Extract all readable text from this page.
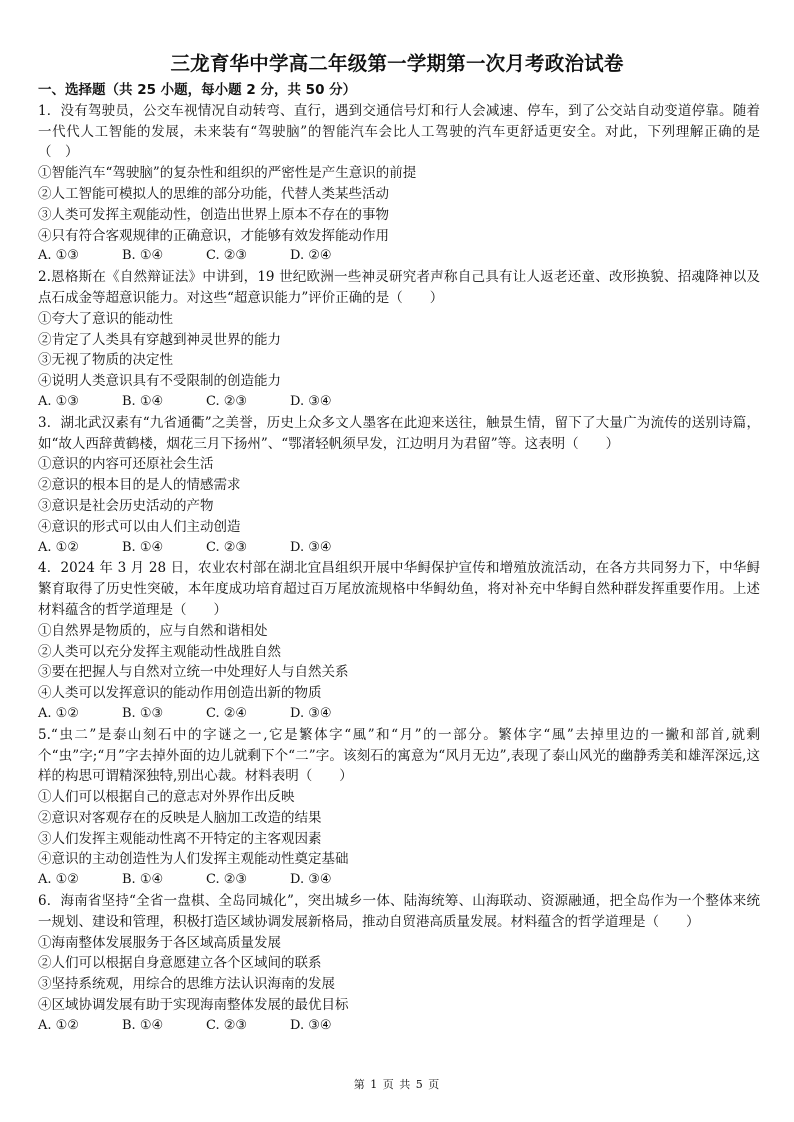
三龙育华中学高二年级第一学期第一次月考政治试卷
一、选择题（共 25 小题，每小题 2 分，共 50 分）
1．没有驾驶员，公交车视情况自动转弯、直行，遇到交通信号灯和行人会减速、停车，到了公交站自动变道停靠。随着一代代人工智能的发展，未来装有“驾驶脑”的智能汽车会比人工驾驶的汽车更舒适更安全。对此，下列理解正确的是（　）
①智能汽车“驾驶脑”的复杂性和组织的严密性是产生意识的前提
②人工智能可模拟人的思维的部分功能，代替人类某些活动
③人类可发挥主观能动性，创造出世界上原本不存在的事物
④只有符合客观规律的正确意识，才能够有效发挥能动作用
A. ①③	B. ①④	C. ②③	D. ②④
2.恩格斯在《自然辩证法》中讲到，19 世纪欧洲一些神灵研究者声称自己具有让人返老还童、改形换貌、招魂降神以及点石成金等超意识能力。对这些“超意识能力”评价正确的是（　　）
①夸大了意识的能动性
②肯定了人类具有穿越到神灵世界的能力
③无视了物质的决定性
④说明人类意识具有不受限制的创造能力
A. ①③	B. ①④	C. ②③	D. ③④
3．湖北武汉素有“九省通衢”之美誉，历史上众多文人墨客在此迎来送往，触景生情，留下了大量广为流传的送别诗篇，如“故人西辞黄鹤楼，烟花三月下扬州”、“鄂渚轻帆须早发，江边明月为君留”等。这表明（　　）
①意识的内容可还原社会生活
②意识的根本目的是人的情感需求
③意识是社会历史活动的产物
④意识的形式可以由人们主动创造
A. ①②	B. ①④	C. ②③	D. ③④
4．2024 年 3 月 28 日，农业农村部在湖北宜昌组织开展中华鲟保护宣传和增殖放流活动，在各方共同努力下，中华鲟繁育取得了历史性突破，本年度成功培育超过百万尾放流规格中华鲟幼鱼，将对补充中华鲟自然种群发挥重要作用。上述材料蕴含的哲学道理是（　　）
①自然界是物质的，应与自然和谐相处
②人类可以充分发挥主观能动性战胜自然
③要在把握人与自然对立统一中处理好人与自然关系
④人类可以发挥意识的能动作用创造出新的物质
A. ①②	B. ①③	C. ②④	D. ③④
5.“虫二”是泰山刻石中的字谜之一,它是繁体字“風”和“月”的一部分。繁体字“風”去掉里边的一撇和部首,就剩个“虫”字;“月”字去掉外面的边儿就剩下个“二”字。该刻石的寓意为“风月无边”,表现了泰山风光的幽静秀美和雄浑深远,这样的构思可谓精深独特,别出心裁。材料表明（　　）
①人们可以根据自己的意志对外界作出反映
②意识对客观存在的反映是人脑加工改造的结果
③人们发挥主观能动性离不开特定的主客观因素
④意识的主动创造性为人们发挥主观能动性奠定基础
A. ①②	B. ①④	C. ②③	D. ③④
6．海南省坚持“全省一盘棋、全岛同城化”，突出城乡一体、陆海统筹、山海联动、资源融通，把全岛作为一个整体来统一规划、建设和管理，积极打造区域协调发展新格局，推动自贸港高质量发展。材料蕴含的哲学道理是（　　）
①海南整体发展服务于各区域高质量发展
②人们可以根据自身意愿建立各个区域间的联系
③坚持系统观，用综合的思维方法认识海南的发展
④区域协调发展有助于实现海南整体发展的最优目标
A. ①②	B. ①④	C. ②③	D. ③④
第 1 页 共 5 页
